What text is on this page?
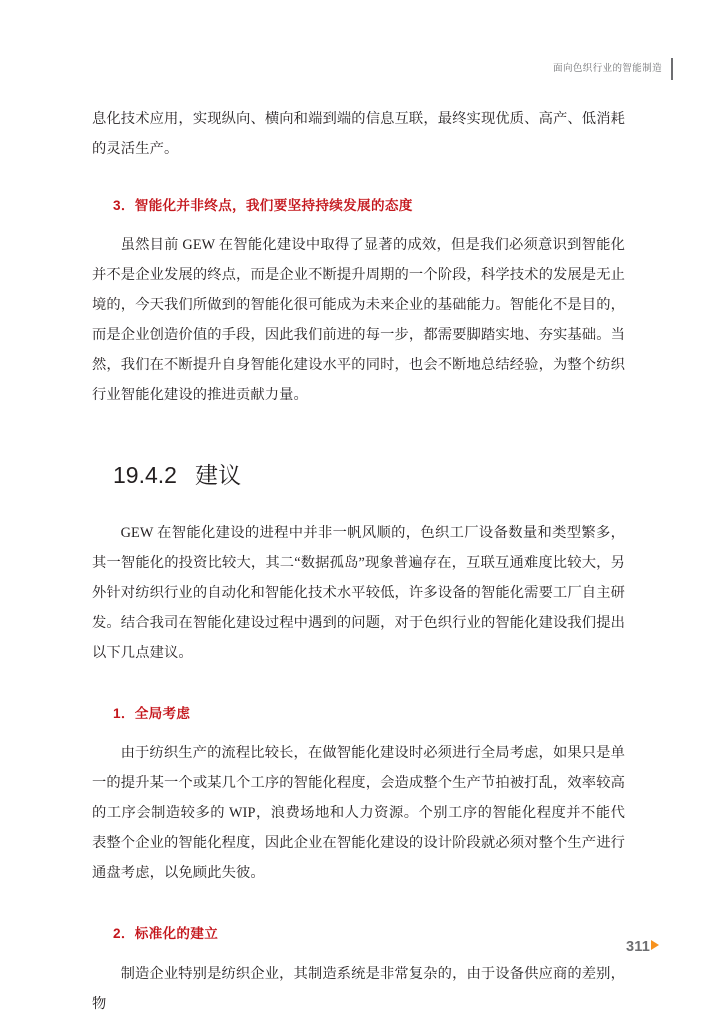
面向色织行业的智能制造

息化技术应用，实现纵向、横向和端到端的信息互联，最终实现优质、高产、低消耗的灵活生产。

3．智能化并非终点，我们要坚持持续发展的态度

虽然目前 GEW 在智能化建设中取得了显著的成效，但是我们必须意识到智能化并不是企业发展的终点，而是企业不断提升周期的一个阶段，科学技术的发展是无止境的，今天我们所做到的智能化很可能成为未来企业的基础能力。智能化不是目的，而是企业创造价值的手段，因此我们前进的每一步，都需要脚踏实地、夯实基础。当然，我们在不断提升自身智能化建设水平的同时，也会不断地总结经验，为整个纺织行业智能化建设的推进贡献力量。

19.4.2 建议

GEW 在智能化建设的进程中并非一帆风顺的，色织工厂设备数量和类型繁多，其一智能化的投资比较大，其二“数据孤岛”现象普遍存在，互联互通难度比较大，另外针对纺织行业的自动化和智能化技术水平较低，许多设备的智能化需要工厂自主研发。结合我司在智能化建设过程中遇到的问题，对于色织行业的智能化建设我们提出以下几点建议。

1．全局考虑

由于纺织生产的流程比较长，在做智能化建设时必须进行全局考虑，如果只是单一的提升某一个或某几个工序的智能化程度，会造成整个生产节拍被打乱，效率较高的工序会制造较多的 WIP，浪费场地和人力资源。个别工序的智能化程度并不能代表整个企业的智能化程度，因此企业在智能化建设的设计阶段就必须对整个生产进行通盘考虑，以免顾此失彼。

2．标准化的建立

制造企业特别是纺织企业，其制造系统是非常复杂的，由于设备供应商的差别，物

311
